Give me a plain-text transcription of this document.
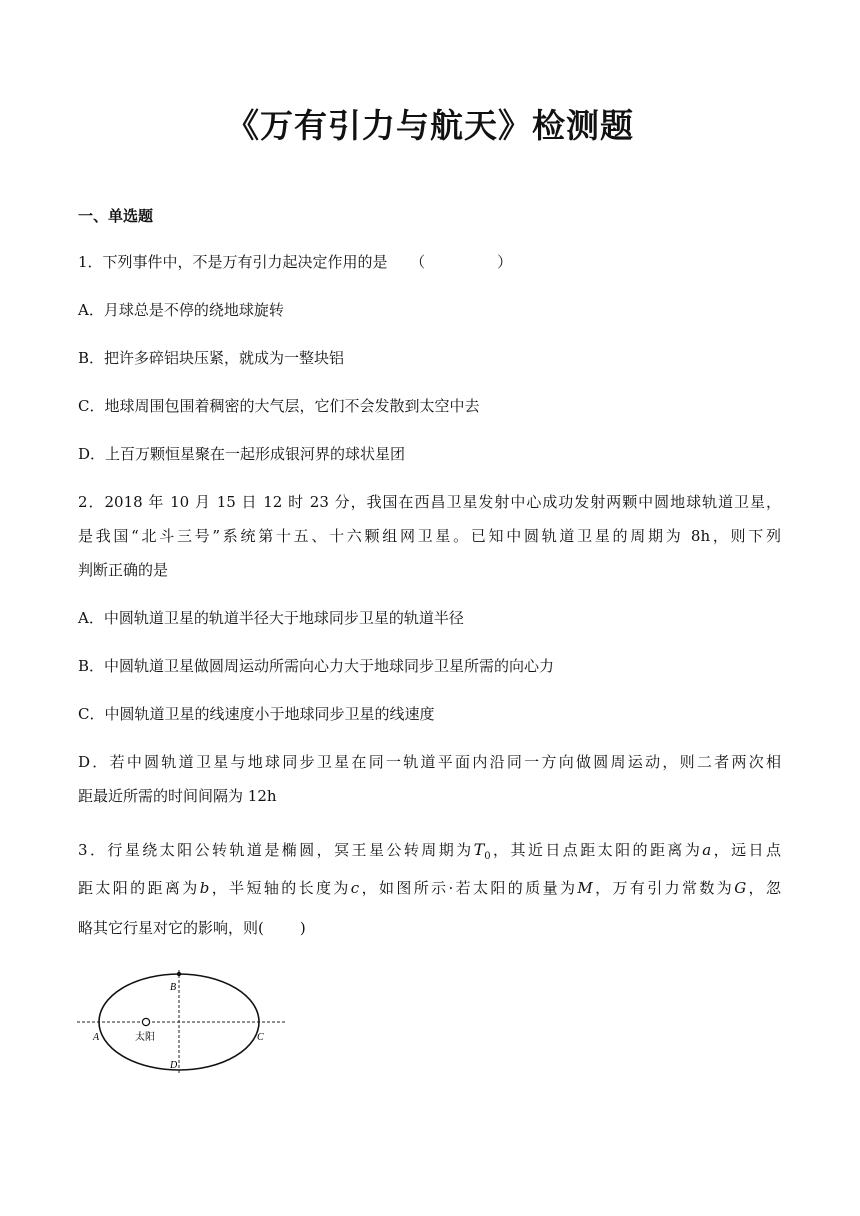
《万有引力与航天》检测题
一、单选题
1．下列事件中，不是万有引力起决定作用的是　　 （	）
A．月球总是不停的绕地球旋转
B．把许多碎铝块压紧，就成为一整块铝
C．地球周围包围着稠密的大气层，它们不会发散到太空中去
D．上百万颗恒星聚在一起形成银河界的球状星团
2．2018 年 10 月 15 日 12 时 23 分，我国在西昌卫星发射中心成功发射两颗中圆地球轨道卫星，
是我国“北斗三号”系统第十五、十六颗组网卫星。已知中圆轨道卫星的周期为 8h，则下列
判断正确的是
A．中圆轨道卫星的轨道半径大于地球同步卫星的轨道半径
B．中圆轨道卫星做圆周运动所需向心力大于地球同步卫星所需的向心力
C．中圆轨道卫星的线速度小于地球同步卫星的线速度
D．若中圆轨道卫星与地球同步卫星在同一轨道平面内沿同一方向做圆周运动，则二者两次相
距最近所需的时间间隔为 12h
3．行星绕太阳公转轨道是椭圆，冥王星公转周期为$T_0$，其近日点距太阳的距离为a，远日点
距太阳的距离为b，半短轴的长度为c，如图所示·若太阳的质量为M，万有引力常数为G，忽
略其它行星对它的影响，则( )
B
A	C
D
太阳
